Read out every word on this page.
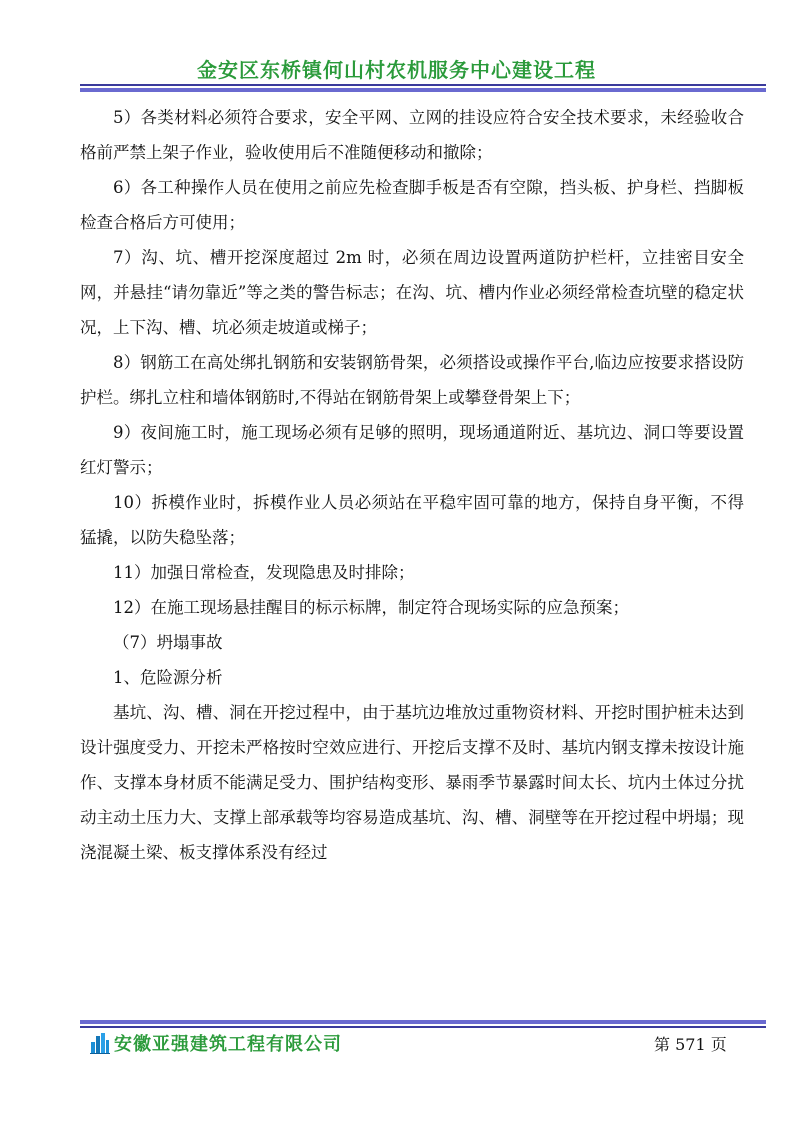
金安区东桥镇何山村农机服务中心建设工程

5）各类材料必须符合要求，安全平网、立网的挂设应符合安全技术要求，未经验收合格前严禁上架子作业，验收使用后不准随便移动和撤除；

6）各工种操作人员在使用之前应先检查脚手板是否有空隙，挡头板、护身栏、挡脚板检查合格后方可使用；

7）沟、坑、槽开挖深度超过 2m 时，必须在周边设置两道防护栏杆，立挂密目安全网，并悬挂“请勿靠近”等之类的警告标志；在沟、坑、槽内作业必须经常检查坑壁的稳定状况，上下沟、槽、坑必须走坡道或梯子；

8）钢筋工在高处绑扎钢筋和安装钢筋骨架，必须搭设或操作平台,临边应按要求搭设防护栏。绑扎立柱和墙体钢筋时,不得站在钢筋骨架上或攀登骨架上下；

9）夜间施工时，施工现场必须有足够的照明，现场通道附近、基坑边、洞口等要设置红灯警示；

10）拆模作业时，拆模作业人员必须站在平稳牢固可靠的地方，保持自身平衡，不得猛撬，以防失稳坠落；

11）加强日常检查，发现隐患及时排除；

12）在施工现场悬挂醒目的标示标牌，制定符合现场实际的应急预案；

（7）坍塌事故

1、危险源分析

基坑、沟、槽、洞在开挖过程中，由于基坑边堆放过重物资材料、开挖时围护桩未达到设计强度受力、开挖未严格按时空效应进行、开挖后支撑不及时、基坑内钢支撑未按设计施作、支撑本身材质不能满足受力、围护结构变形、暴雨季节暴露时间太长、坑内土体过分扰动主动土压力大、支撑上部承载等均容易造成基坑、沟、槽、洞壁等在开挖过程中坍塌；现浇混凝土梁、板支撑体系没有经过

安徽亚强建筑工程有限公司	第 571 页
